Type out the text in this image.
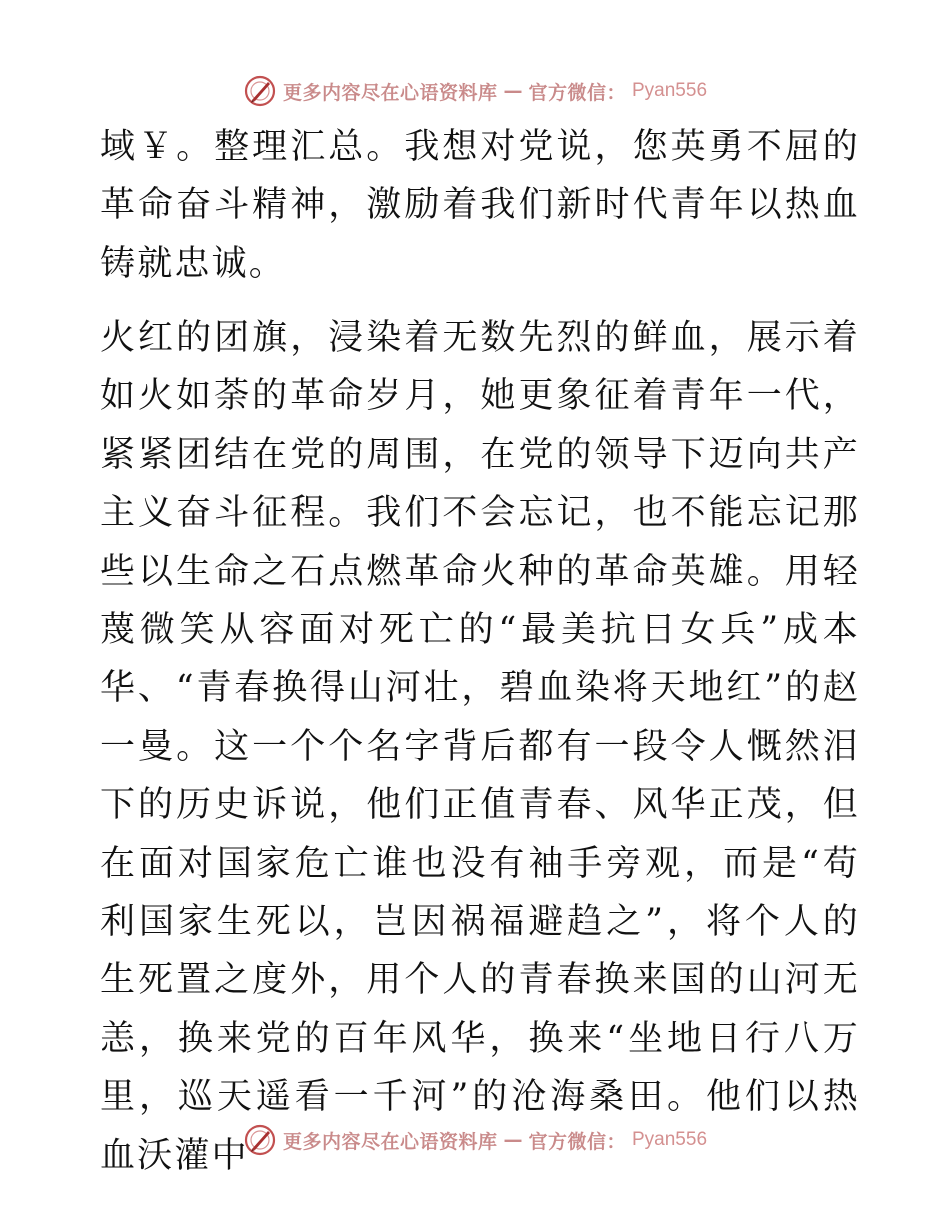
更多内容尽在心语资料库 — 官方微信： Pyan556

域￥。整理汇总。我想对党说，您英勇不屈的革命奋斗精神，激励着我们新时代青年以热血铸就忠诚。

火红的团旗，浸染着无数先烈的鲜血，展示着如火如荼的革命岁月，她更象征着青年一代，紧紧团结在党的周围，在党的领导下迈向共产主义奋斗征程。我们不会忘记，也不能忘记那些以生命之石点燃革命火种的革命英雄。用轻蔑微笑从容面对死亡的“最美抗日女兵”成本华、“青春换得山河壮，碧血染将天地红”的赵一曼。这一个个名字背后都有一段令人慨然泪下的历史诉说，他们正值青春、风华正茂，但在面对国家危亡谁也没有袖手旁观，而是“苟利国家生死以，岂因祸福避趋之”，将个人的生死置之度外，用个人的青春换来国的山河无恙，换来党的百年风华，换来“坐地日行八万里，巡天遥看一千河”的沧海桑田。他们以热血沃灌中	更多内容尽在心语资料库 — 官方微信： Pyan556
